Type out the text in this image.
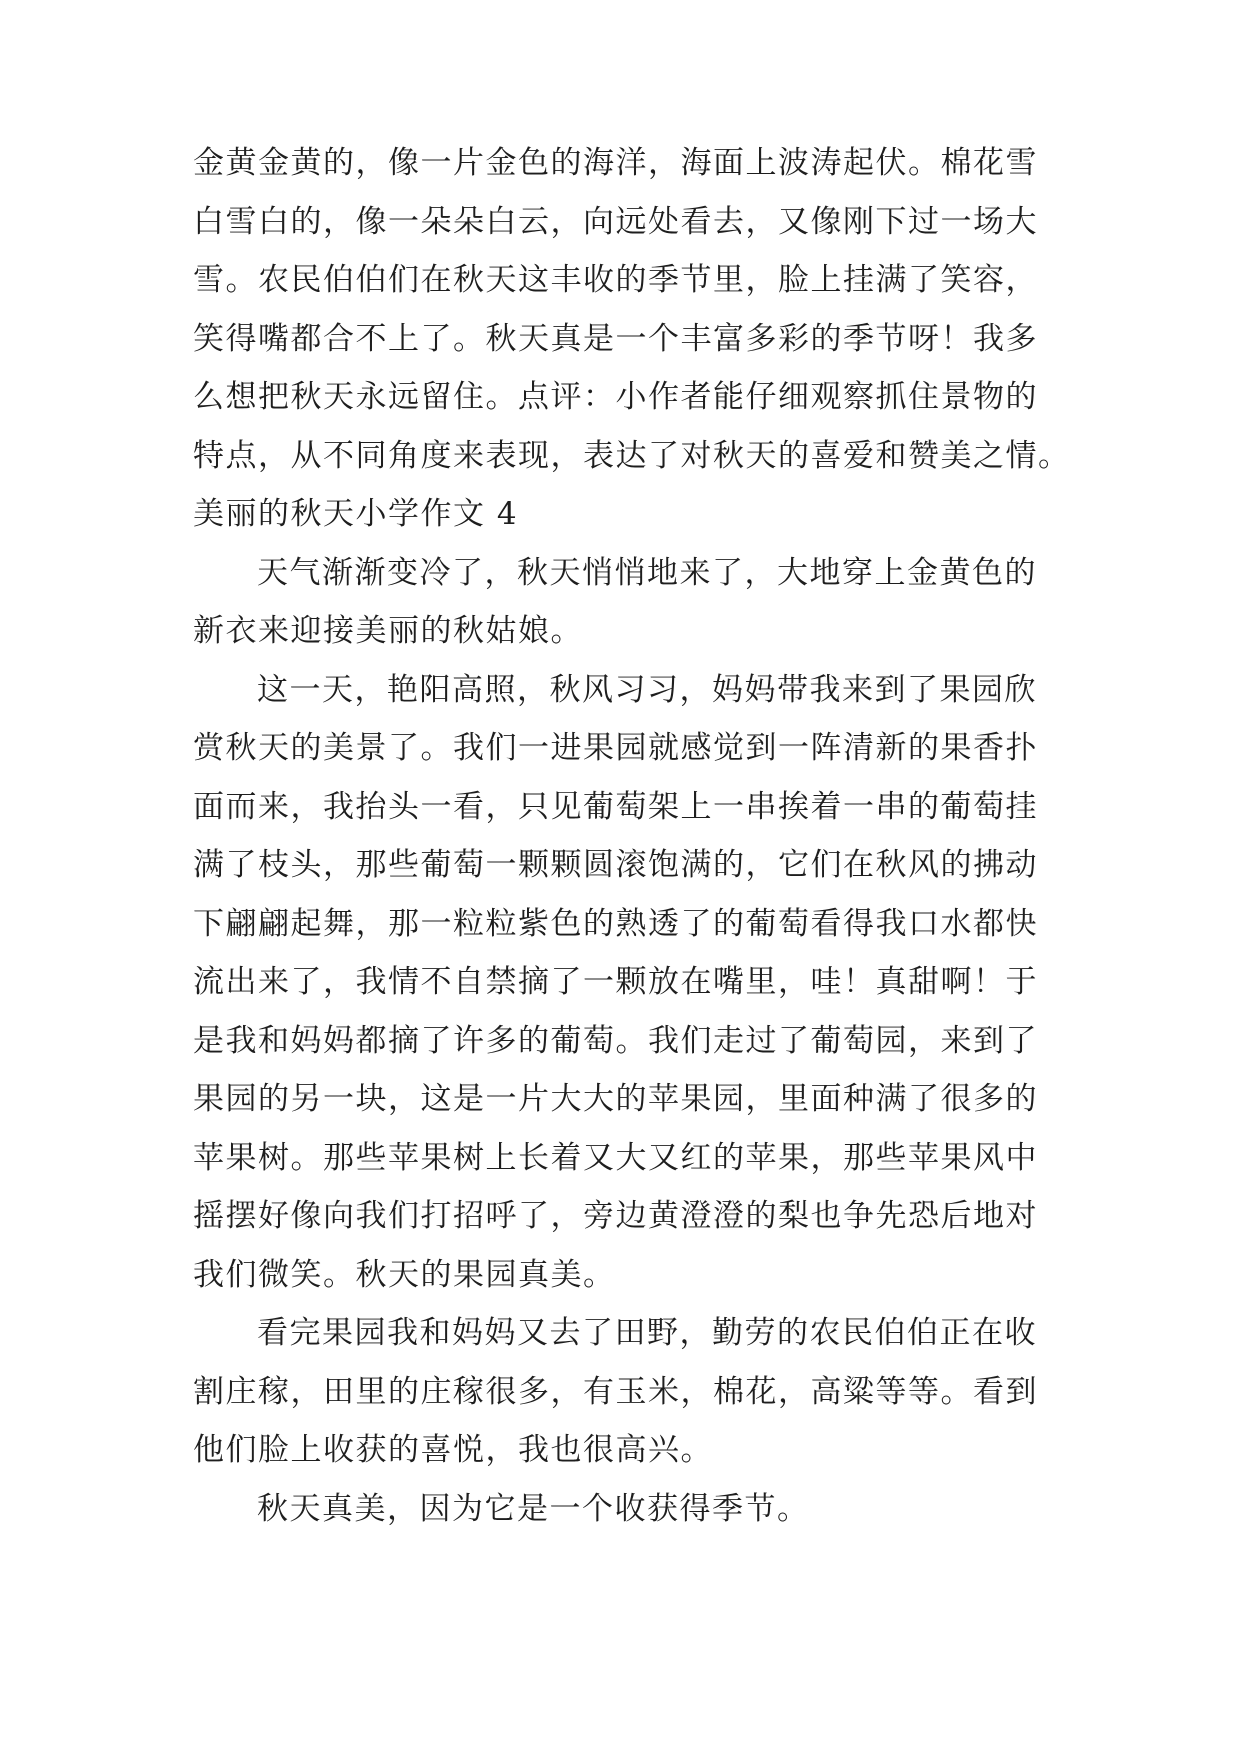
金黄金黄的，像一片金色的海洋，海面上波涛起伏。棉花雪
白雪白的，像一朵朵白云，向远处看去，又像刚下过一场大
雪。农民伯伯们在秋天这丰收的季节里，脸上挂满了笑容，
笑得嘴都合不上了。秋天真是一个丰富多彩的季节呀！我多
么想把秋天永远留住。点评：小作者能仔细观察抓住景物的
特点，从不同角度来表现，表达了对秋天的喜爱和赞美之情。
美丽的秋天小学作文 4
天气渐渐变冷了，秋天悄悄地来了，大地穿上金黄色的
新衣来迎接美丽的秋姑娘。
这一天，艳阳高照，秋风习习，妈妈带我来到了果园欣
赏秋天的美景了。我们一进果园就感觉到一阵清新的果香扑
面而来，我抬头一看，只见葡萄架上一串挨着一串的葡萄挂
满了枝头，那些葡萄一颗颗圆滚饱满的，它们在秋风的拂动
下翩翩起舞，那一粒粒紫色的熟透了的葡萄看得我口水都快
流出来了，我情不自禁摘了一颗放在嘴里，哇！真甜啊！于
是我和妈妈都摘了许多的葡萄。我们走过了葡萄园，来到了
果园的另一块，这是一片大大的苹果园，里面种满了很多的
苹果树。那些苹果树上长着又大又红的苹果，那些苹果风中
摇摆好像向我们打招呼了，旁边黄澄澄的梨也争先恐后地对
我们微笑。秋天的果园真美。
看完果园我和妈妈又去了田野，勤劳的农民伯伯正在收
割庄稼，田里的庄稼很多，有玉米，棉花，高粱等等。看到
他们脸上收获的喜悦，我也很高兴。
秋天真美，因为它是一个收获得季节。
